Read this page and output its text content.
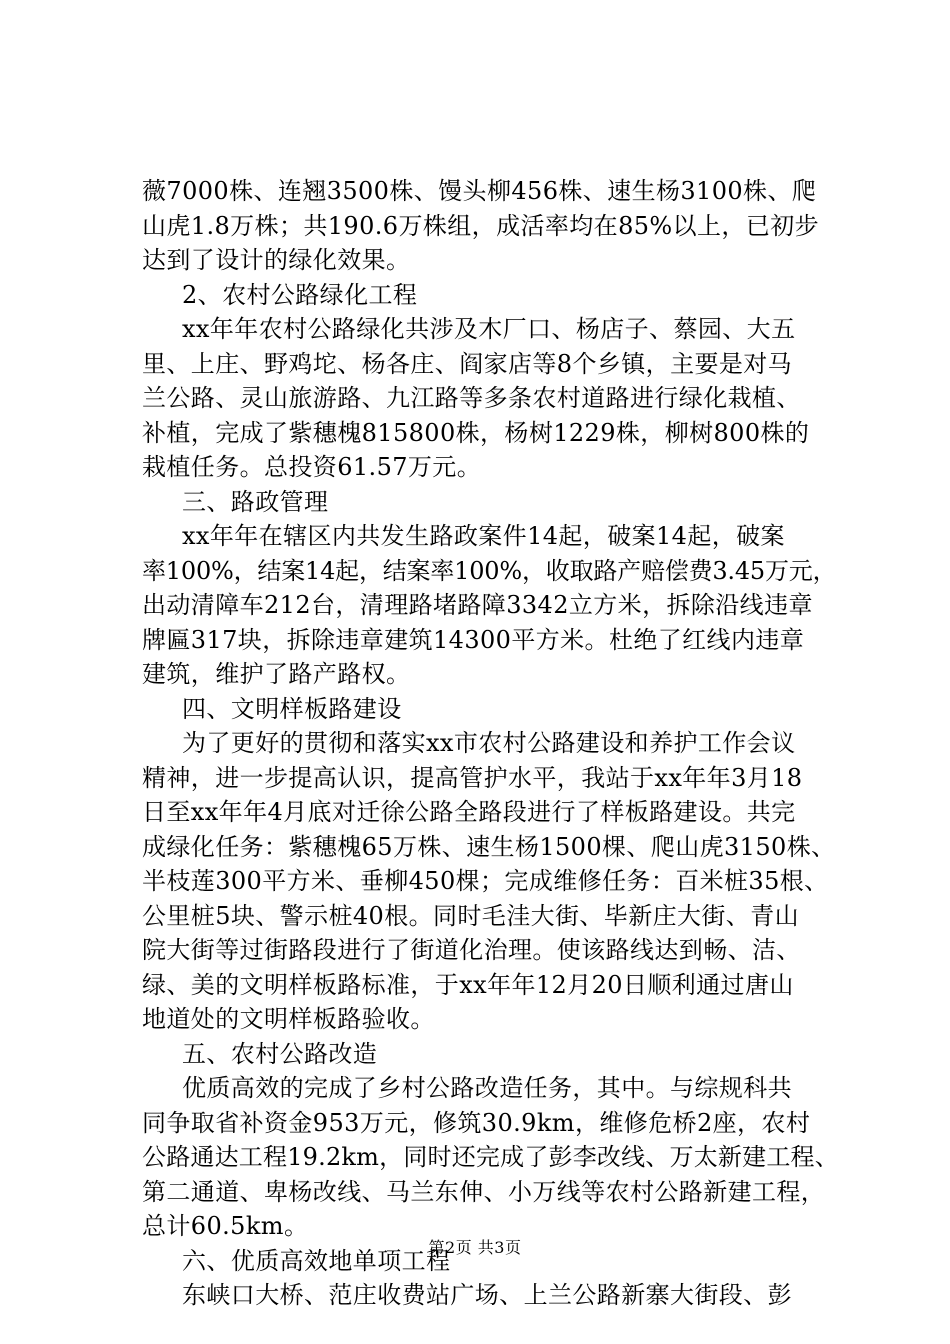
薇7000株、连翘3500株、馒头柳456株、速生杨3100株、爬
山虎1.8万株；共190.6万株组，成活率均在85%以上，已初步
达到了设计的绿化效果。
2、农村公路绿化工程
xx年年农村公路绿化共涉及木厂口、杨店子、蔡园、大五
里、上庄、野鸡坨、杨各庄、阎家店等8个乡镇，主要是对马
兰公路、灵山旅游路、九江路等多条农村道路进行绿化栽植、
补植，完成了紫穗槐815800株，杨树1229株，柳树800株的
栽植任务。总投资61.57万元。
三、路政管理
xx年年在辖区内共发生路政案件14起，破案14起，破案
率100%，结案14起，结案率100%，收取路产赔偿费3.45万元，
出动清障车212台，清理路堵路障3342立方米，拆除沿线违章
牌匾317块，拆除违章建筑14300平方米。杜绝了红线内违章
建筑，维护了路产路权。
四、文明样板路建设
为了更好的贯彻和落实xx市农村公路建设和养护工作会议
精神，进一步提高认识，提高管护水平，我站于xx年年3月18
日至xx年年4月底对迁徐公路全路段进行了样板路建设。共完
成绿化任务：紫穗槐65万株、速生杨1500棵、爬山虎3150株、
半枝莲300平方米、垂柳450棵；完成维修任务：百米桩35根、
公里桩5块、警示桩40根。同时毛洼大街、毕新庄大街、青山
院大街等过街路段进行了街道化治理。使该路线达到畅、洁、
绿、美的文明样板路标准，于xx年年12月20日顺利通过唐山
地道处的文明样板路验收。
五、农村公路改造
优质高效的完成了乡村公路改造任务，其中。与综规科共
同争取省补资金953万元，修筑30.9km，维修危桥2座，农村
公路通达工程19.2km，同时还完成了彭李改线、万太新建工程、
第二通道、卑杨改线、马兰东伸、小万线等农村公路新建工程，
总计60.5km。
六、优质高效地单项工程
东峡口大桥、范庄收费站广场、上兰公路新寨大街段、彭
第2页 共3页
